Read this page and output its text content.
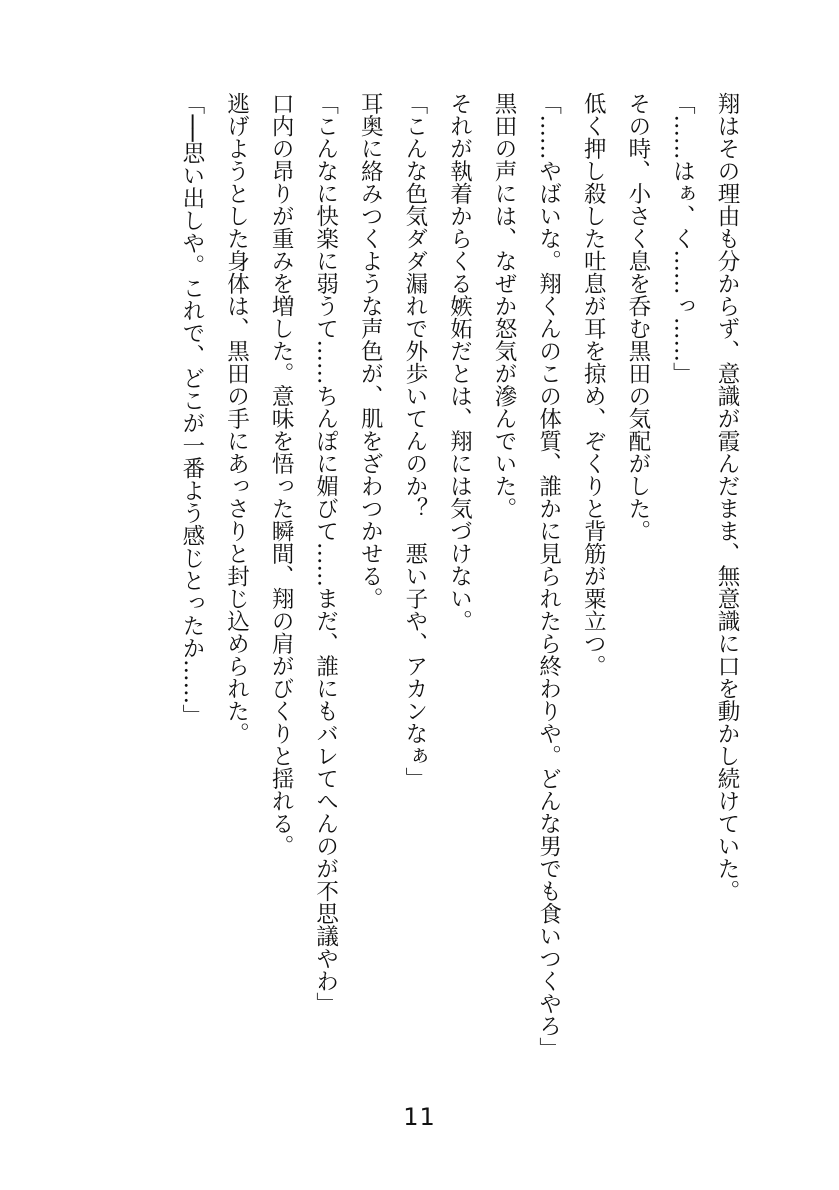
翔はその理由も分からず、意識が霞んだまま、無意識に口を動かし続けていた。

「……はぁ、く……っ……」

その時、小さく息を呑む黒田の気配がした。

低く押し殺した吐息が耳を掠め、ぞくりと背筋が粟立つ。

「……やばいな。翔くんのこの体質、誰かに見られたら終わりや。どんな男でも食いつくやろ」

黒田の声には、なぜか怒気が滲んでいた。

それが執着からくる嫉妬だとは、翔には気づけない。

「こんな色気ダダ漏れで外歩いてんのか？　悪い子や、アカンなぁ」

耳奥に絡みつくような声色が、肌をざわつかせる。

「こんなに快楽に弱うて……ちんぽに媚びて……まだ、誰にもバレてへんのが不思議やわ」

口内の昂りが重みを増した。意味を悟った瞬間、翔の肩がびくりと揺れる。

逃げようとした身体は、黒田の手にあっさりと封じ込められた。

「──思い出しや。これで、どこが一番よう感じとったか……」

11
